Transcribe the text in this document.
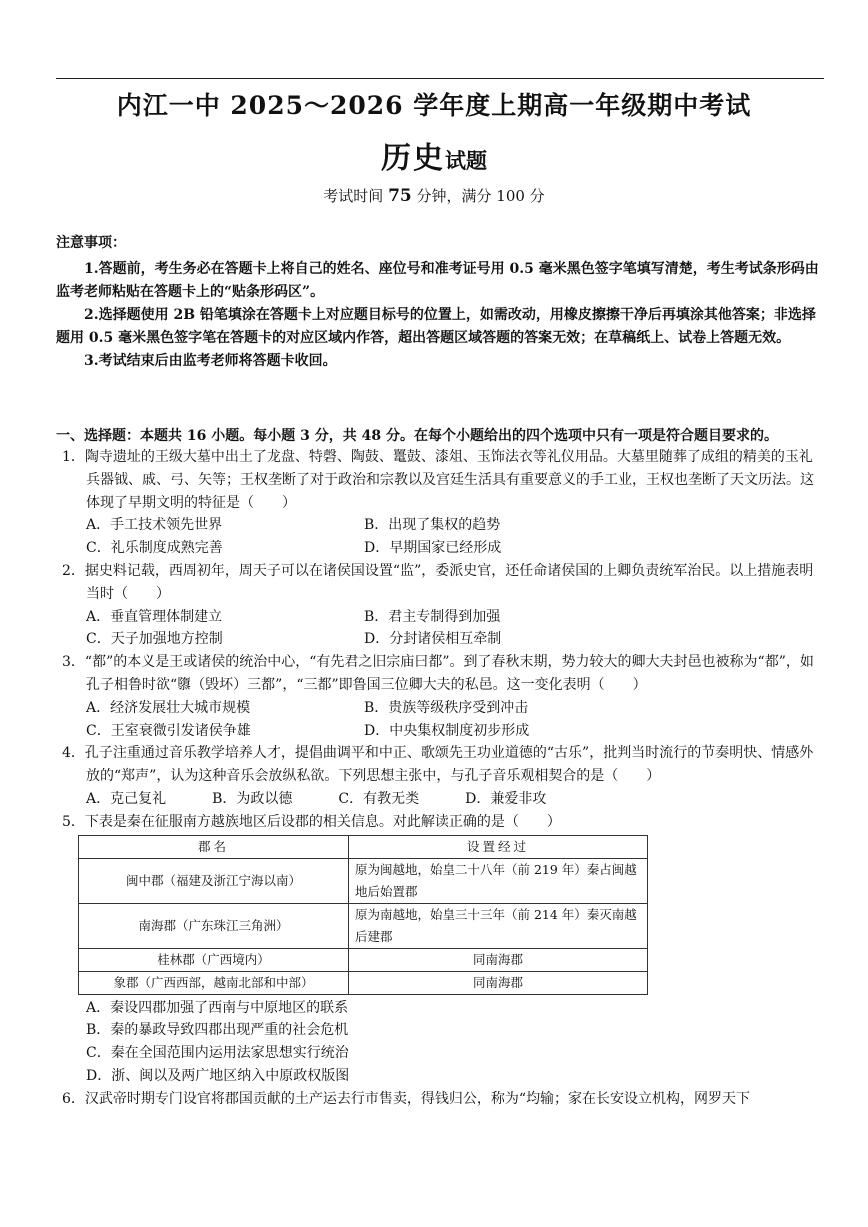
内江一中 2025～2026 学年度上期高一年级期中考试
历史试题
考试时间 75 分钟，满分 100 分
注意事项：

1.答题前，考生务必在答题卡上将自己的姓名、座位号和准考证号用 0.5 毫米黑色签字笔填写清楚，考生考试条形码由监考老师粘贴在答题卡上的“贴条形码区”。

2.选择题使用 2B 铅笔填涂在答题卡上对应题目标号的位置上，如需改动，用橡皮擦擦干净后再填涂其他答案；非选择题用 0.5 毫米黑色签字笔在答题卡的对应区域内作答，超出答题区域答题的答案无效；在草稿纸上、试卷上答题无效。

3.考试结束后由监考老师将答题卡收回。

一、选择题：本题共 16 小题。每小题 3 分，共 48 分。在每个小题给出的四个选项中只有一项是符合题目要求的。
1．陶寺遗址的王级大墓中出土了龙盘、特磬、陶鼓、鼍鼓、漆俎、玉饰法衣等礼仪用品。大墓里随葬了成组的精美的玉礼兵器钺、戚、弓、矢等；王权垄断了对于政治和宗教以及宫廷生活具有重要意义的手工业，王权也垄断了天文历法。这体现了早期文明的特征是（　　）
A．手工技术领先世界	B．出现了集权的趋势
C．礼乐制度成熟完善	D．早期国家已经形成
2．据史料记载，西周初年，周天子可以在诸侯国设置“监”，委派史官，还任命诸侯国的上卿负责统军治民。以上措施表明当时（　　）
A．垂直管理体制建立	B．君主专制得到加强
C．天子加强地方控制	D．分封诸侯相互牵制
3．“都”的本义是王或诸侯的统治中心，“有先君之旧宗庙曰都”。到了春秋末期，势力较大的卿大夫封邑也被称为“都”，如孔子相鲁时欲“隳（毁坏）三都”，“三都”即鲁国三位卿大夫的私邑。这一变化表明（　　）
A．经济发展壮大城市规模	B．贵族等级秩序受到冲击
C．王室衰微引发诸侯争雄	D．中央集权制度初步形成
4．孔子注重通过音乐教学培养人才，提倡曲调平和中正、歌颂先王功业道德的“古乐”，批判当时流行的节奏明快、情感外放的“郑声”，认为这种音乐会放纵私欲。下列思想主张中，与孔子音乐观相契合的是（　　）
A．克己复礼	B．为政以德	C．有教无类	D．兼爱非攻
5．下表是秦在征服南方越族地区后设郡的相关信息。对此解读正确的是（　　）
郡名	设置经过
闽中郡（福建及浙江宁海以南）	原为闽越地，始皇二十八年（前 219 年）秦占闽越地后始置郡
南海郡（广东珠江三角洲）	原为南越地，始皇三十三年（前 214 年）秦灭南越后建郡
桂林郡（广西境内）	同南海郡
象郡（广西西部，越南北部和中部）	同南海郡
A．秦设四郡加强了西南与中原地区的联系
B．秦的暴政导致四郡出现严重的社会危机
C．秦在全国范围内运用法家思想实行统治
D．浙、闽以及两广地区纳入中原政权版图
6．汉武帝时期专门设官将郡国贡献的土产运去行市售卖，得钱归公，称为“均输；家在长安设立机构，网罗天下
